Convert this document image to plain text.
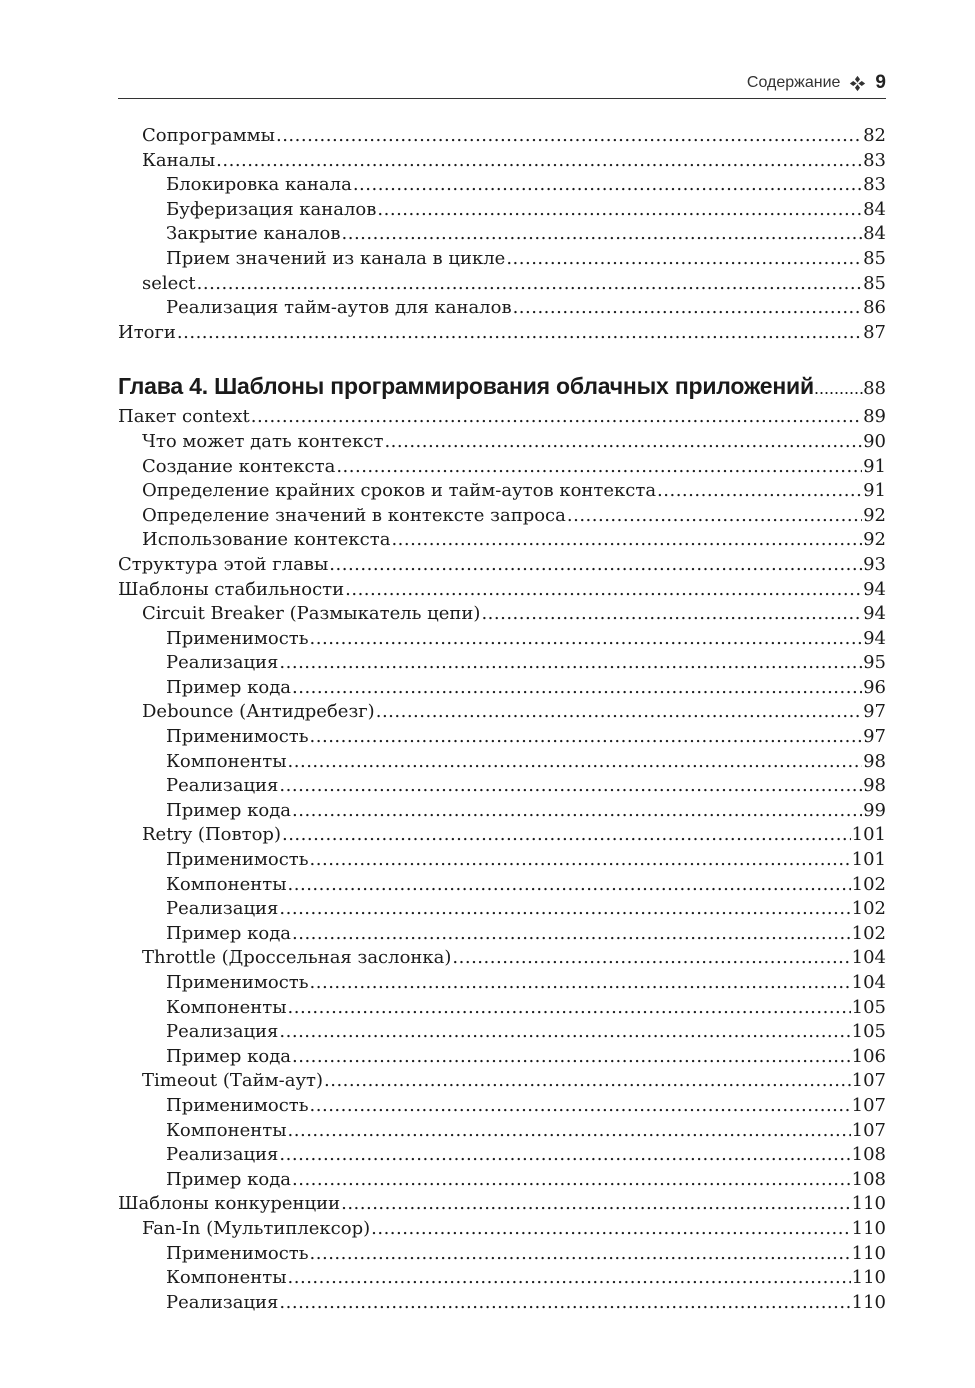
Содержание 9
Сопрограммы .....	82
Каналы .....	83
Блокировка канала .....	83
Буферизация каналов .....	84
Закрытие каналов .....	84
Прием значений из канала в цикле .....	85
select .....	85
Реализация тайм-аутов для каналов .....	86
Итоги .....	87
Глава 4. Шаблоны программирования облачных приложений .....	88
Пакет context .....	89
Что может дать контекст .....	90
Создание контекста .....	91
Определение крайних сроков и тайм-аутов контекста .....	91
Определение значений в контексте запроса .....	92
Использование контекста .....	92
Структура этой главы .....	93
Шаблоны стабильности .....	94
Circuit Breaker (Размыкатель цепи) .....	94
Применимость .....	94
Реализация .....	95
Пример кода .....	96
Debounce (Антидребезг) .....	97
Применимость .....	97
Компоненты .....	98
Реализация .....	98
Пример кода .....	99
Retry (Повтор) .....	101
Применимость .....	101
Компоненты .....	102
Реализация .....	102
Пример кода .....	102
Throttle (Дроссельная заслонка) .....	104
Применимость .....	104
Компоненты .....	105
Реализация .....	105
Пример кода .....	106
Timeout (Тайм-аут) .....	107
Применимость .....	107
Компоненты .....	107
Реализация .....	108
Пример кода .....	108
Шаблоны конкуренции .....	110
Fan-In (Мультиплексор) .....	110
Применимость .....	110
Компоненты .....	110
Реализация .....	110
